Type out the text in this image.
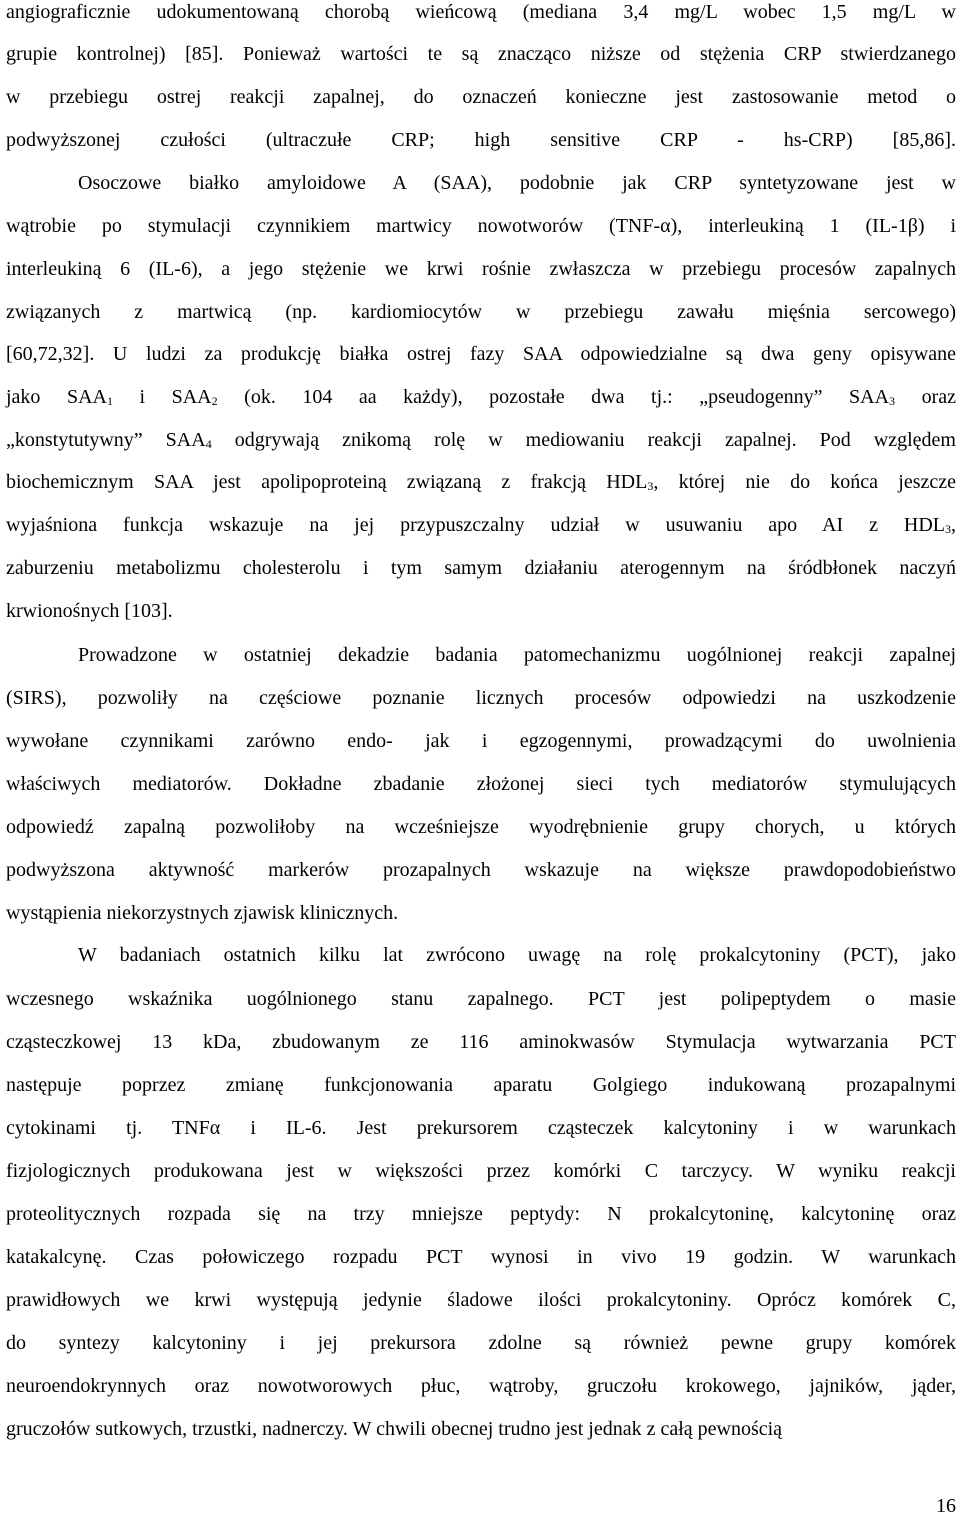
angiograficznie udokumentowaną chorobą wieńcową (mediana 3,4 mg/L wobec 1,5 mg/L w
grupie kontrolnej) [85]. Ponieważ wartości te są znacząco niższe od stężenia CRP stwierdzanego
w przebiegu ostrej reakcji zapalnej, do oznaczeń konieczne jest zastosowanie metod o
podwyższonej czułości (ultraczułe CRP; high sensitive CRP - hs-CRP) [85,86].
Osoczowe białko amyloidowe A (SAA), podobnie jak CRP syntetyzowane jest w
wątrobie po stymulacji czynnikiem martwicy nowotworów (TNF-α), interleukiną 1 (IL-1β) i
interleukiną 6 (IL-6), a jego stężenie we krwi rośnie zwłaszcza w przebiegu procesów zapalnych
związanych z martwicą (np. kardiomiocytów w przebiegu zawału mięśnia sercowego)
[60,72,32]. U ludzi za produkcję białka ostrej fazy SAA odpowiedzialne są dwa geny opisywane
jako $SAA_1$ i $SAA_2$ (ok. 104 aa każdy), pozostałe dwa tj.: „pseudogenny” $SAA_3$ oraz
„konstytutywny” $SAA_4$ odgrywają znikomą rolę w mediowaniu reakcji zapalnej. Pod względem
biochemicznym SAA jest apolipoproteiną związaną z frakcją $HDL_3$, której nie do końca jeszcze
wyjaśniona funkcja wskazuje na jej przypuszczalny udział w usuwaniu apo AI z $HDL_3$,
zaburzeniu metabolizmu cholesterolu i tym samym działaniu aterogennym na śródbłonek naczyń
krwionośnych [103].
Prowadzone w ostatniej dekadzie badania patomechanizmu uogólnionej reakcji zapalnej
(SIRS), pozwoliły na częściowe poznanie licznych procesów odpowiedzi na uszkodzenie
wywołane czynnikami zarówno endo- jak i egzogennymi, prowadzącymi do uwolnienia
właściwych mediatorów. Dokładne zbadanie złożonej sieci tych mediatorów stymulujących
odpowiedź zapalną pozwoliłoby na wcześniejsze wyodrębnienie grupy chorych, u których
podwyższona aktywność markerów prozapalnych wskazuje na większe prawdopodobieństwo
wystąpienia niekorzystnych zjawisk klinicznych.
W badaniach ostatnich kilku lat zwrócono uwagę na rolę prokalcytoniny (PCT), jako
wczesnego wskaźnika uogólnionego stanu zapalnego. PCT jest polipeptydem o masie
cząsteczkowej 13 kDa, zbudowanym ze 116 aminokwasów Stymulacja wytwarzania PCT
następuje poprzez zmianę funkcjonowania aparatu Golgiego indukowaną prozapalnymi
cytokinami tj. TNFα i IL-6. Jest prekursorem cząsteczek kalcytoniny i w warunkach
fizjologicznych produkowana jest w większości przez komórki C tarczycy. W wyniku reakcji
proteolitycznych rozpada się na trzy mniejsze peptydy: N prokalcytoninę, kalcytoninę oraz
katakalcynę. Czas połowiczego rozpadu PCT wynosi in vivo 19 godzin. W warunkach
prawidłowych we krwi występują jedynie śladowe ilości prokalcytoniny. Oprócz komórek C,
do syntezy kalcytoniny i jej prekursora zdolne są również pewne grupy komórek
neuroendokrynnych oraz nowotworowych płuc, wątroby, gruczołu krokowego, jajników, jąder,
gruczołów sutkowych, trzustki, nadnerczy. W chwili obecnej trudno jest jednak z całą pewnością
16
